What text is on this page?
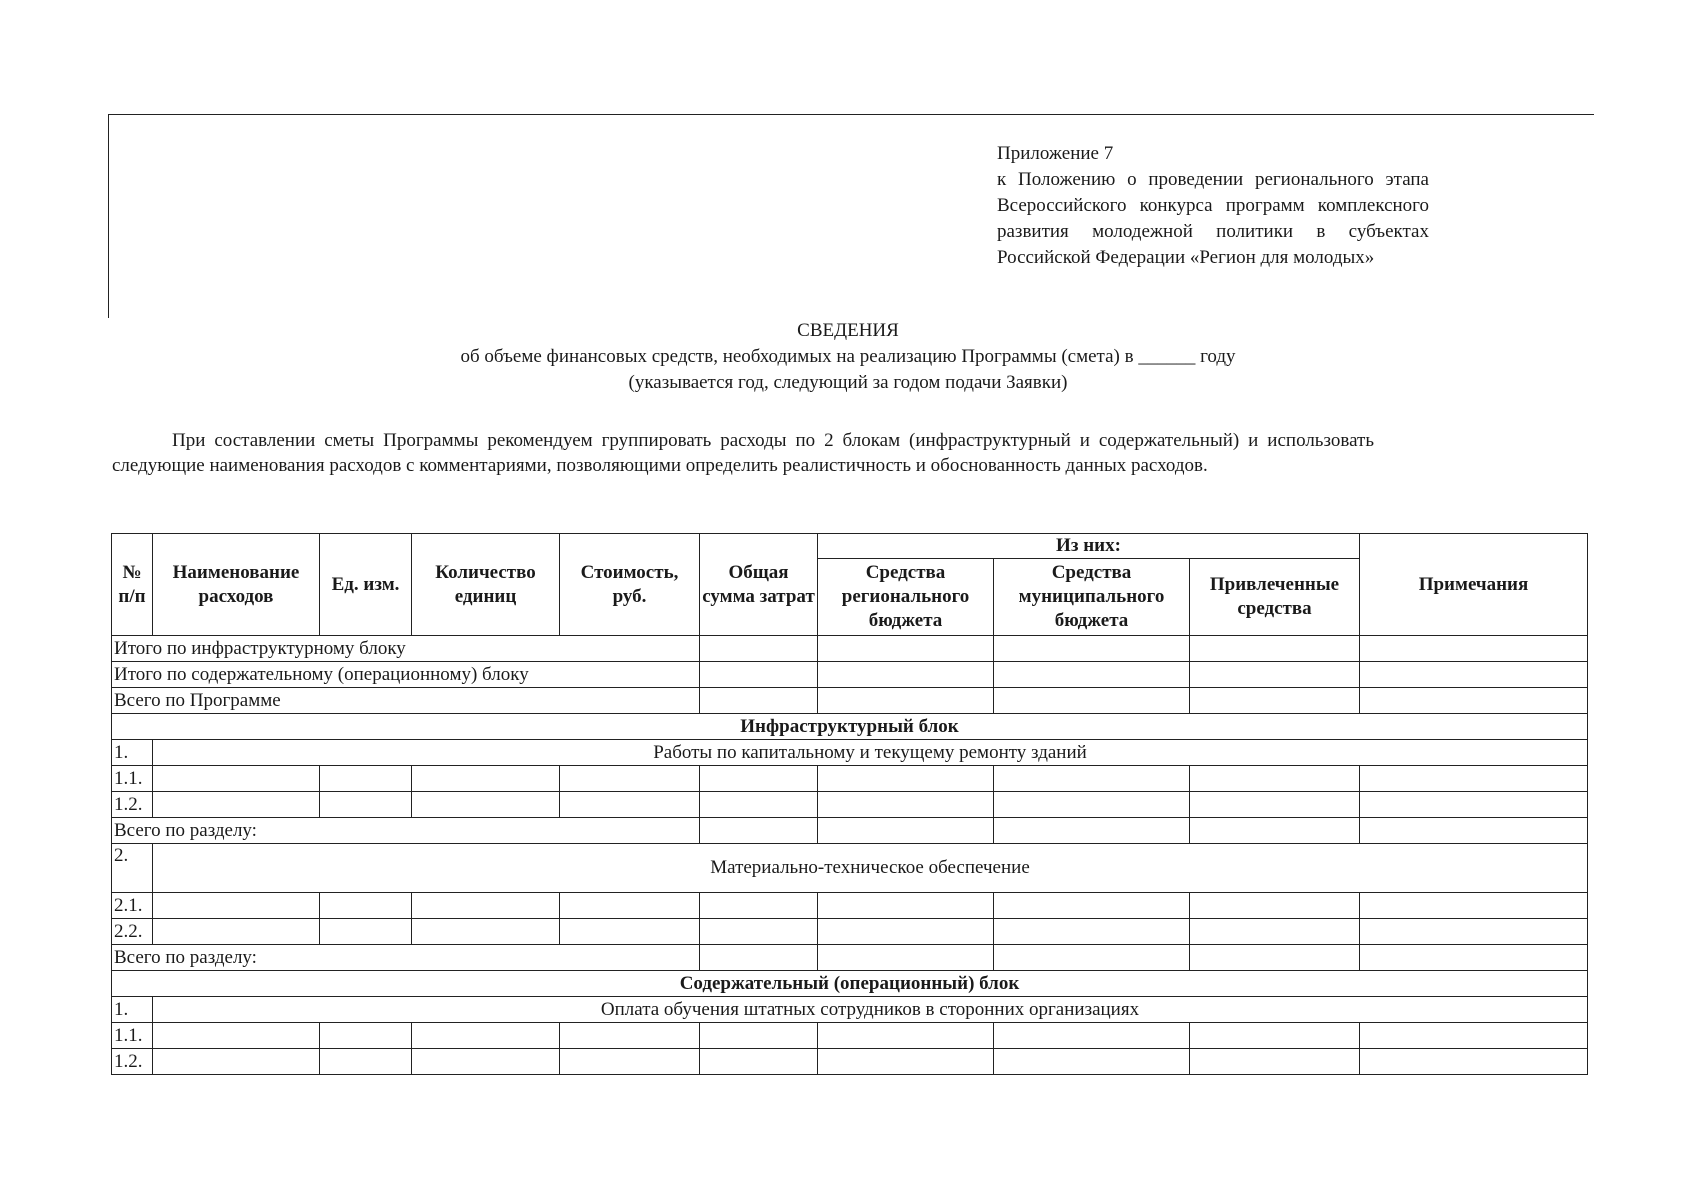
Приложение 7
к Положению о проведении регионального этапа Всероссийского конкурса программ комплексного развития молодежной политики в субъектах Российской Федерации «Регион для молодых»
СВЕДЕНИЯ
об объеме финансовых средств, необходимых на реализацию Программы (смета) в ______ году
(указывается год, следующий за годом подачи Заявки)
При составлении сметы Программы рекомендуем группировать расходы по 2 блокам (инфраструктурный и содержательный) и использовать следующие наименования расходов с комментариями, позволяющими определить реалистичность и обоснованность данных расходов.
№ п/п	Наименование расходов	Ед. изм.	Количество единиц	Стоимость, руб.	Общая сумма затрат	Из них:			Примечания
						Средства регионального бюджета	Средства муниципального бюджета	Привлеченные средства	
Итого по инфраструктурному блоку									
Итого по содержательному (операционному) блоку									
Всего по Программе									
Инфраструктурный блок									
1.	Работы по капитальному и текущему ремонту зданий								
1.1.									
1.2.									
Всего по разделу:									
2.	Материально-техническое обеспечение								
2.1.									
2.2.									
Всего по разделу:									
Содержательный (операционный) блок									
1.	Оплата обучения штатных сотрудников в сторонних организациях								
1.1.									
1.2.									
